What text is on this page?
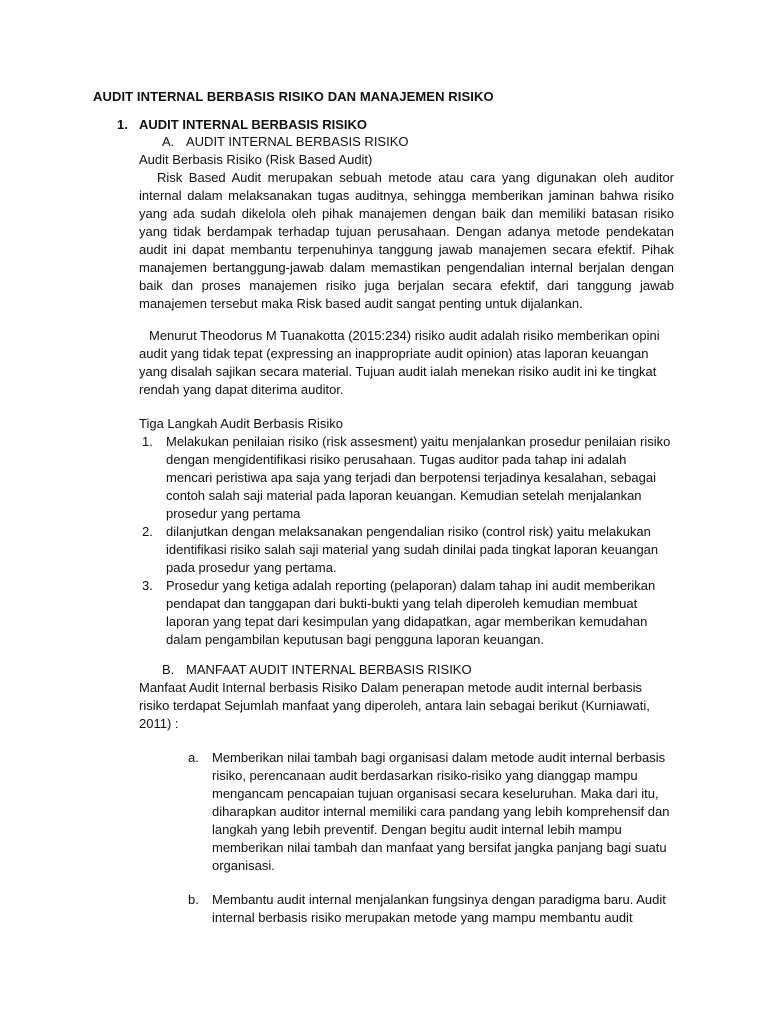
AUDIT INTERNAL BERBASIS RISIKO DAN MANAJEMEN RISIKO
1. AUDIT INTERNAL BERBASIS RISIKO
A. AUDIT INTERNAL BERBASIS RISIKO
Audit Berbasis Risiko (Risk Based Audit)
Risk Based Audit merupakan sebuah metode atau cara yang digunakan oleh auditor internal dalam melaksanakan tugas auditnya, sehingga memberikan jaminan bahwa risiko yang ada sudah dikelola oleh pihak manajemen dengan baik dan memiliki batasan risiko yang tidak berdampak terhadap tujuan perusahaan. Dengan adanya metode pendekatan audit ini dapat membantu terpenuhinya tanggung jawab manajemen secara efektif. Pihak manajemen bertanggung-jawab dalam memastikan pengendalian internal berjalan dengan baik dan proses manajemen risiko juga berjalan secara efektif, dari tanggung jawab manajemen tersebut maka Risk based audit sangat penting untuk dijalankan.
Menurut Theodorus M Tuanakotta (2015:234) risiko audit adalah risiko memberikan opini audit yang tidak tepat (expressing an inappropriate audit opinion) atas laporan keuangan yang disalah sajikan secara material. Tujuan audit ialah menekan risiko audit ini ke tingkat rendah yang dapat diterima auditor.
Tiga Langkah Audit Berbasis Risiko
1. Melakukan penilaian risiko (risk assesment) yaitu menjalankan prosedur penilaian risiko dengan mengidentifikasi risiko perusahaan. Tugas auditor pada tahap ini adalah mencari peristiwa apa saja yang terjadi dan berpotensi terjadinya kesalahan, sebagai contoh salah saji material pada laporan keuangan. Kemudian setelah menjalankan prosedur yang pertama
2. dilanjutkan dengan melaksanakan pengendalian risiko (control risk) yaitu melakukan identifikasi risiko salah saji material yang sudah dinilai pada tingkat laporan keuangan pada prosedur yang pertama.
3. Prosedur yang ketiga adalah reporting (pelaporan) dalam tahap ini audit memberikan pendapat dan tanggapan dari bukti-bukti yang telah diperoleh kemudian membuat laporan yang tepat dari kesimpulan yang didapatkan, agar memberikan kemudahan dalam pengambilan keputusan bagi pengguna laporan keuangan.
B. MANFAAT AUDIT INTERNAL BERBASIS RISIKO
Manfaat Audit Internal berbasis Risiko Dalam penerapan metode audit internal berbasis risiko terdapat Sejumlah manfaat yang diperoleh, antara lain sebagai berikut (Kurniawati, 2011) :
a. Memberikan nilai tambah bagi organisasi dalam metode audit internal berbasis risiko, perencanaan audit berdasarkan risiko-risiko yang dianggap mampu mengancam pencapaian tujuan organisasi secara keseluruhan. Maka dari itu, diharapkan auditor internal memiliki cara pandang yang lebih komprehensif dan langkah yang lebih preventif. Dengan begitu audit internal lebih mampu memberikan nilai tambah dan manfaat yang bersifat jangka panjang bagi suatu organisasi.
b. Membantu audit internal menjalankan fungsinya dengan paradigma baru. Audit internal berbasis risiko merupakan metode yang mampu membantu audit
